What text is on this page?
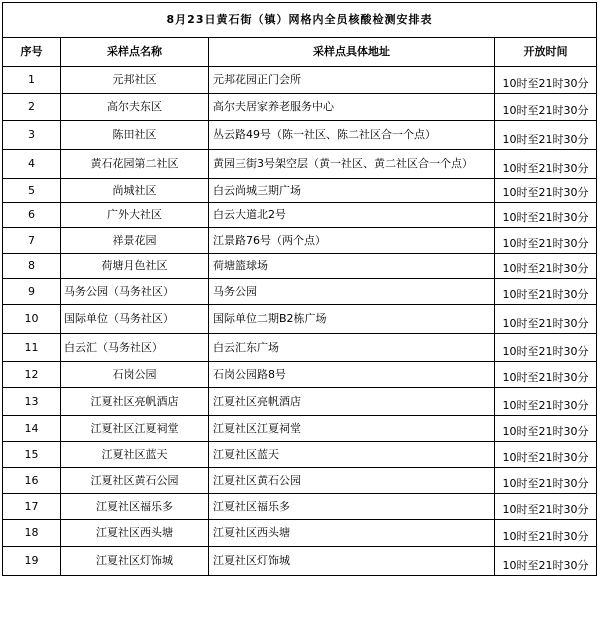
8月23日黄石街（镇）网格内全员核酸检测安排表			
序号	采样点名称	采样点具体地址	开放时间
1	元邦社区	元邦花园正门会所	10时至21时30分

2	高尔夫东区	高尔夫居家养老服务中心	10时至21时30分

3	陈田社区	丛云路49号（陈一社区、陈二社区合一个点）	10时至21时30分

4	黄石花园第二社区	黄园三街3号架空层（黄一社区、黄二社区合一个点）	10时至21时30分

5	尚城社区	白云尚城三期广场	10时至21时30分

6	广外大社区	白云大道北2号	10时至21时30分

7	祥景花园	江景路76号（两个点）	10时至21时30分

8	荷塘月色社区	荷塘篮球场	10时至21时30分

9	马务公园（马务社区）	马务公园	10时至21时30分

10	国际单位（马务社区）	国际单位二期B2栋广场	10时至21时30分

11	白云汇（马务社区）	白云汇东广场	10时至21时30分

12	石岗公园	石岗公园路8号	10时至21时30分

13	江夏社区亮帆酒店	江夏社区亮帆酒店	10时至21时30分

14	江夏社区江夏祠堂	江夏社区江夏祠堂	10时至21时30分

15	江夏社区蓝天	江夏社区蓝天	10时至21时30分

16	江夏社区黄石公园	江夏社区黄石公园	10时至21时30分

17	江夏社区福乐多	江夏社区福乐多	10时至21时30分

18	江夏社区西头塘	江夏社区西头塘	10时至21时30分

19	江夏社区灯饰城	江夏社区灯饰城	10时至21时30分
